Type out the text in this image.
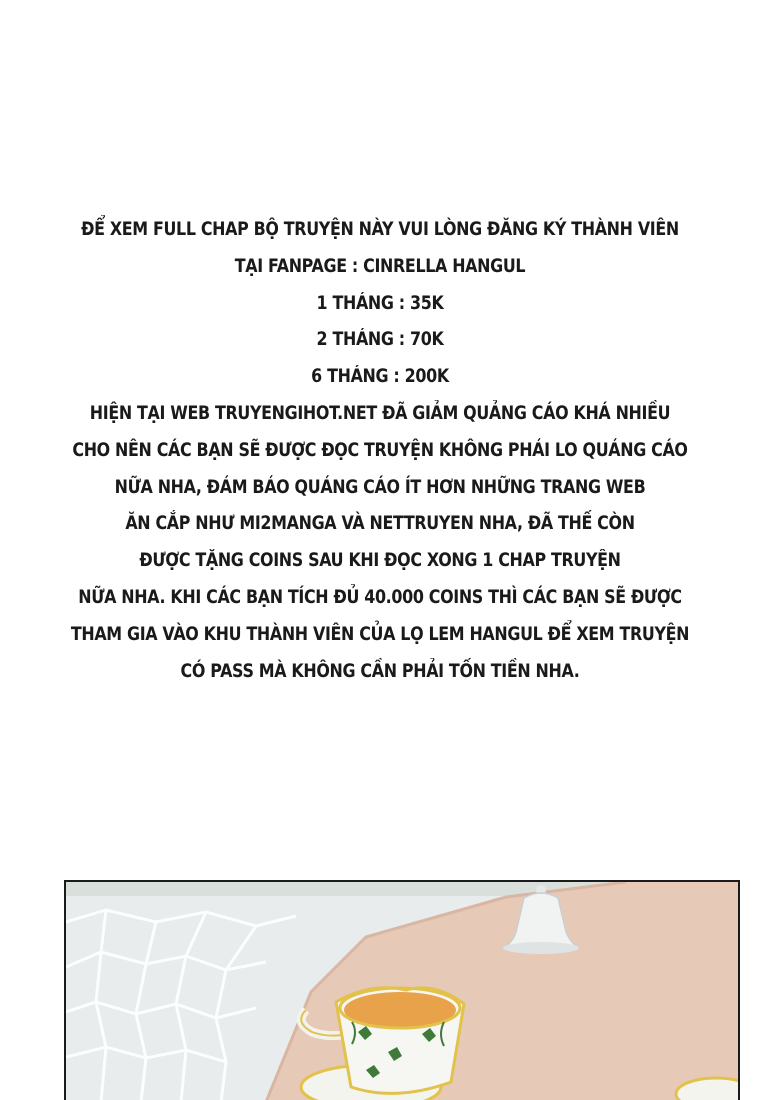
ĐỂ XEM FULL CHAP BỘ TRUYỆN NÀY VUI LÒNG ĐĂNG KÝ THÀNH VIÊN
TẠI FANPAGE : CINRELLA HANGUL
1 THÁNG : 35K
2 THÁNG : 70K
6 THÁNG : 200K
HIỆN TẠI WEB TRUYENGIHOT.NET ĐÃ GIẢM QUẢNG CÁO KHÁ NHIỀU
CHO NÊN CÁC BẠN SẼ ĐƯỢC ĐỌC TRUYỆN KHÔNG PHẢI LO QUẢNG CÁO
NỮA NHA, ĐẢM BẢO QUẢNG CÁO ÍT HƠN NHỮNG TRANG WEB
ĂN CẮP NHƯ MI2MANGA VÀ NETTRUYEN NHA, ĐÃ THẾ CÒN
ĐƯỢC TẶNG COINS SAU KHI ĐỌC XONG 1 CHAP TRUYỆN
NỮA NHA. KHI CÁC BẠN TÍCH ĐỦ 40.000 COINS THÌ CÁC BẠN SẼ ĐƯỢC
THAM GIA VÀO KHU THÀNH VIÊN CỦA LỌ LEM HANGUL ĐỂ XEM TRUYỆN
CÓ PASS MÀ KHÔNG CẦN PHẢI TỐN TIỀN NHA.
